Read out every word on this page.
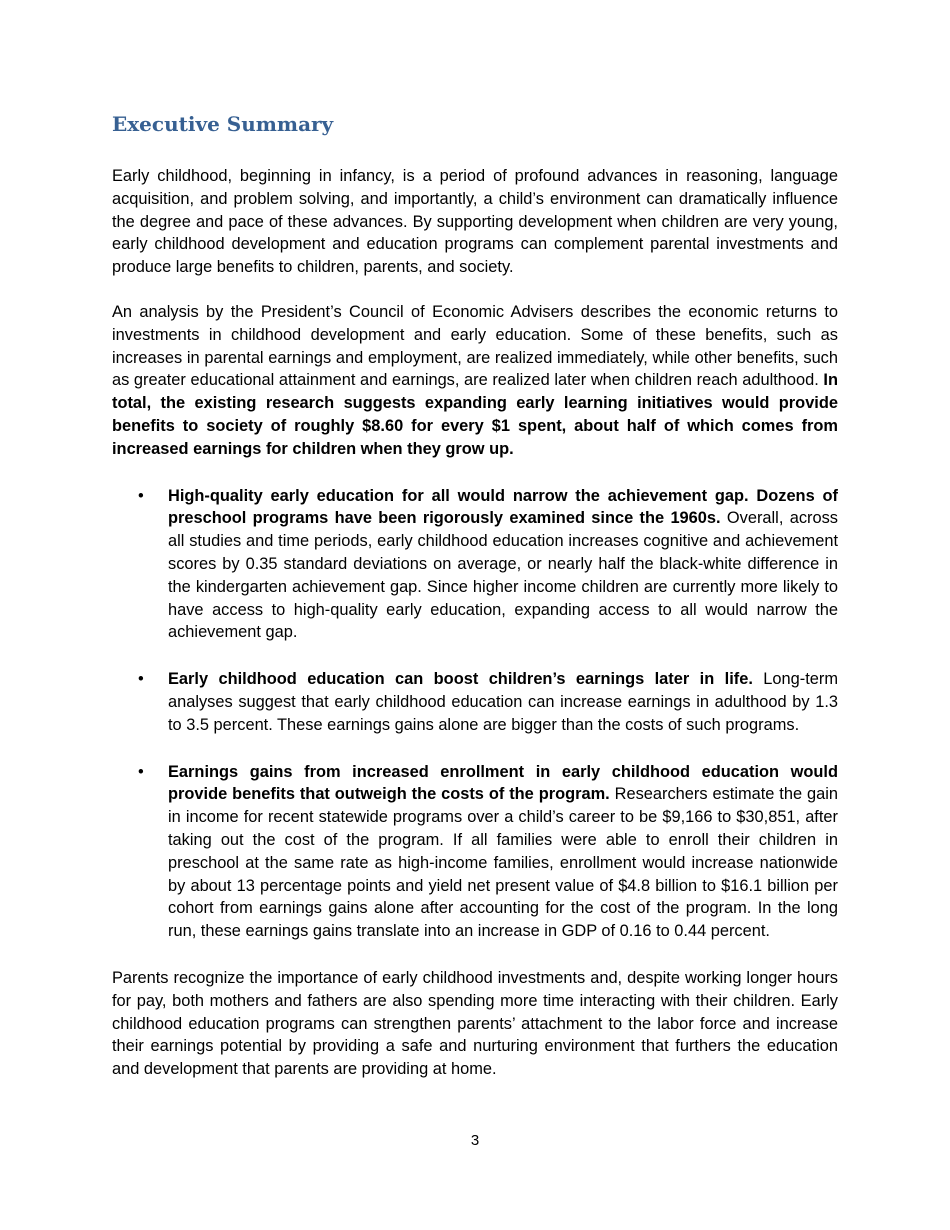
Executive Summary

Early childhood, beginning in infancy, is a period of profound advances in reasoning, language acquisition, and problem solving, and importantly, a child’s environment can dramatically influence the degree and pace of these advances. By supporting development when children are very young, early childhood development and education programs can complement parental investments and produce large benefits to children, parents, and society.

An analysis by the President’s Council of Economic Advisers describes the economic returns to investments in childhood development and early education. Some of these benefits, such as increases in parental earnings and employment, are realized immediately, while other benefits, such as greater educational attainment and earnings, are realized later when children reach adulthood. In total, the existing research suggests expanding early learning initiatives would provide benefits to society of roughly $8.60 for every $1 spent, about half of which comes from increased earnings for children when they grow up.

• High-quality early education for all would narrow the achievement gap. Dozens of preschool programs have been rigorously examined since the 1960s. Overall, across all studies and time periods, early childhood education increases cognitive and achievement scores by 0.35 standard deviations on average, or nearly half the black-white difference in the kindergarten achievement gap. Since higher income children are currently more likely to have access to high-quality early education, expanding access to all would narrow the achievement gap.
• Early childhood education can boost children’s earnings later in life. Long-term analyses suggest that early childhood education can increase earnings in adulthood by 1.3 to 3.5 percent. These earnings gains alone are bigger than the costs of such programs.
• Earnings gains from increased enrollment in early childhood education would provide benefits that outweigh the costs of the program. Researchers estimate the gain in income for recent statewide programs over a child’s career to be $9,166 to $30,851, after taking out the cost of the program. If all families were able to enroll their children in preschool at the same rate as high-income families, enrollment would increase nationwide by about 13 percentage points and yield net present value of $4.8 billion to $16.1 billion per cohort from earnings gains alone after accounting for the cost of the program. In the long run, these earnings gains translate into an increase in GDP of 0.16 to 0.44 percent.

Parents recognize the importance of early childhood investments and, despite working longer hours for pay, both mothers and fathers are also spending more time interacting with their children. Early childhood education programs can strengthen parents’ attachment to the labor force and increase their earnings potential by providing a safe and nurturing environment that furthers the education and development that parents are providing at home.

3
